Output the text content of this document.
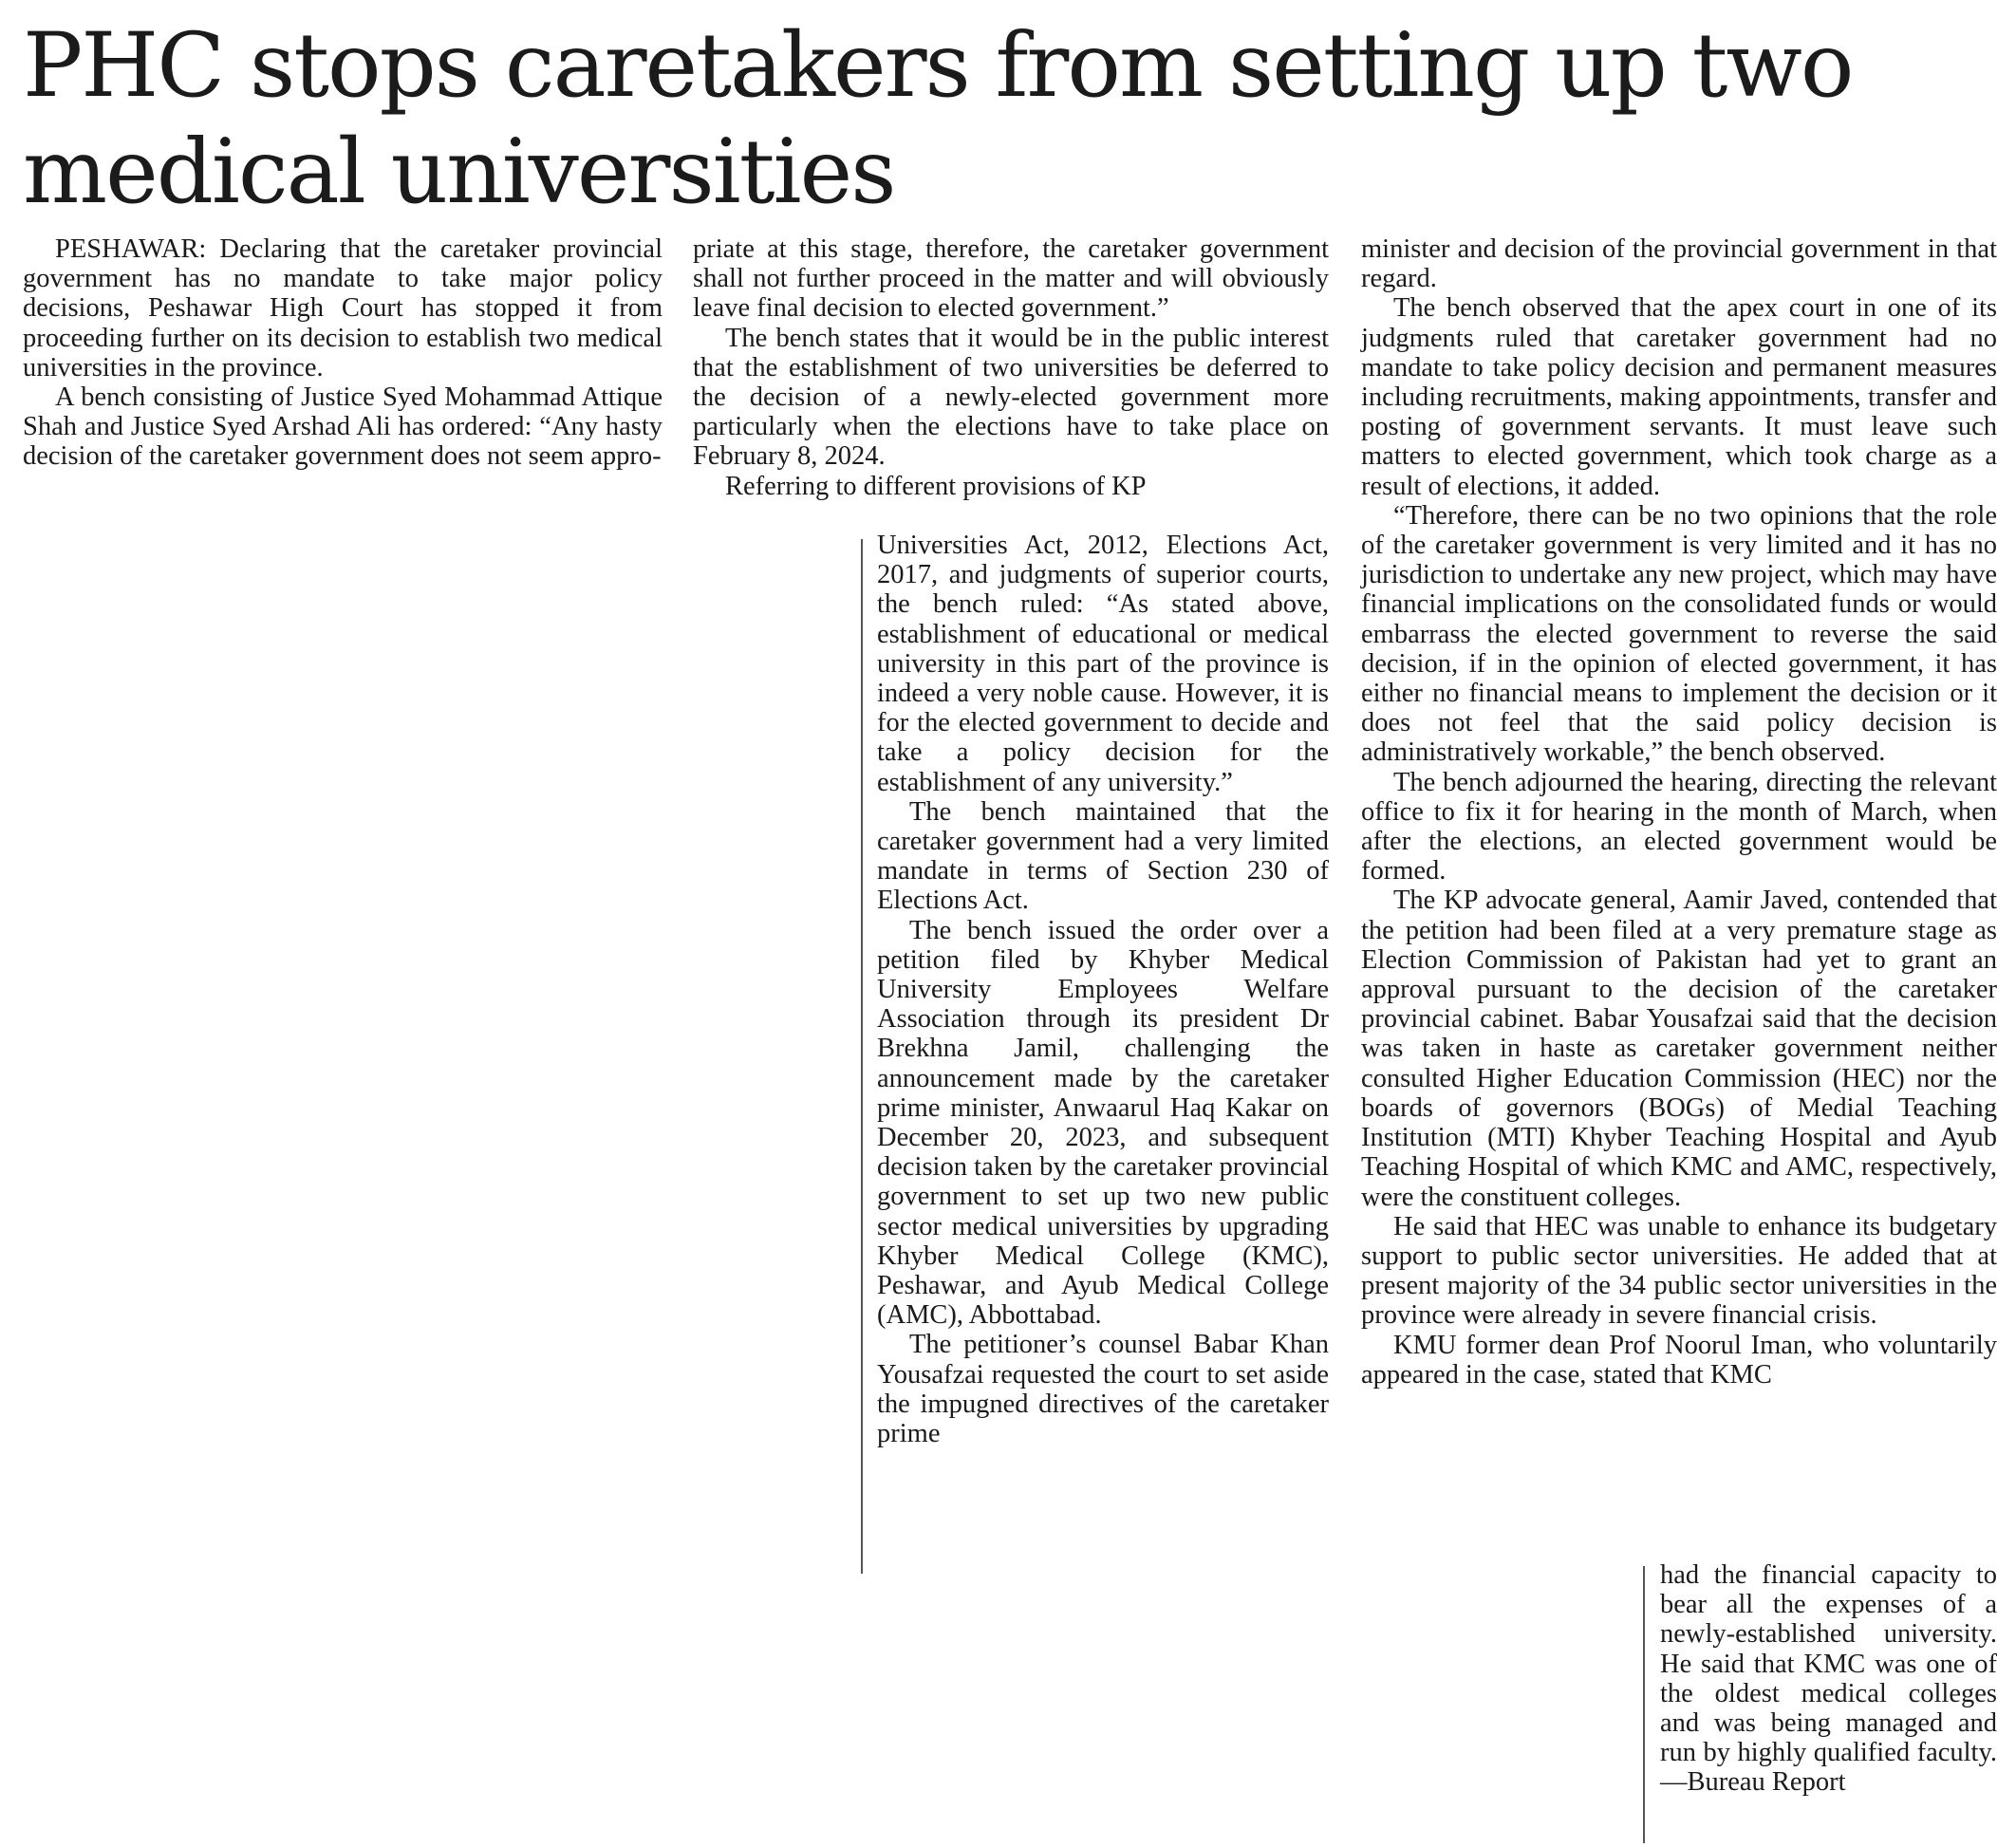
PHC stops caretakers from setting up two medical universities

PESHAWAR: Declaring that the caretaker provincial government has no mandate to take major policy decisions, Peshawar High Court has stopped it from proceeding further on its decision to establish two medical universities in the province.

A bench consisting of Justice Syed Mohammad Attique Shah and Justice Syed Arshad Ali has ordered: “Any hasty decision of the caretaker government does not seem appro-

priate at this stage, therefore, the caretaker government shall not further proceed in the matter and will obviously leave final decision to elected government.”

The bench states that it would be in the public interest that the establishment of two universities be deferred to the decision of a newly-elected government more particularly when the elections have to take place on February 8, 2024.

Referring to different provisions of KP

Universities Act, 2012, Elections Act, 2017, and judgments of superior courts, the bench ruled: “As stated above, establishment of educational or medical university in this part of the province is indeed a very noble cause. However, it is for the elected government to decide and take a policy decision for the establishment of any university.”

The bench maintained that the caretaker government had a very limited mandate in terms of Section 230 of Elections Act.

The bench issued the order over a petition filed by Khyber Medical University Employees Welfare Association through its president Dr Brekhna Jamil, challenging the announcement made by the caretaker prime minister, Anwaarul Haq Kakar on December 20, 2023, and subsequent decision taken by the caretaker provincial government to set up two new public sector medical universities by upgrading Khyber Medical College (KMC), Peshawar, and Ayub Medical College (AMC), Abbottabad.

The petitioner’s counsel Babar Khan Yousafzai requested the court to set aside the impugned directives of the caretaker prime

minister and decision of the provincial government in that regard.

The bench observed that the apex court in one of its judgments ruled that caretaker government had no mandate to take policy decision and permanent measures including recruitments, making appointments, transfer and posting of government servants. It must leave such matters to elected government, which took charge as a result of elections, it added.

“Therefore, there can be no two opinions that the role of the caretaker government is very limited and it has no jurisdiction to undertake any new project, which may have financial implications on the consolidated funds or would embarrass the elected government to reverse the said decision, if in the opinion of elected government, it has either no financial means to implement the decision or it does not feel that the said policy decision is administratively workable,” the bench observed.

The bench adjourned the hearing, directing the relevant office to fix it for hearing in the month of March, when after the elections, an elected government would be formed.

The KP advocate general, Aamir Javed, contended that the petition had been filed at a very premature stage as Election Commission of Pakistan had yet to grant an approval pursuant to the decision of the caretaker provincial cabinet. Babar Yousafzai said that the decision was taken in haste as caretaker government neither consulted Higher Education Commission (HEC) nor the boards of governors (BOGs) of Medial Teaching Institution (MTI) Khyber Teaching Hospital and Ayub Teaching Hospital of which KMC and AMC, respectively, were the constituent colleges.

He said that HEC was unable to enhance its budgetary support to public sector universities. He added that at present majority of the 34 public sector universities in the province were already in severe financial crisis.

KMU former dean Prof Noorul Iman, who voluntarily appeared in the case, stated that KMC

had the financial capacity to bear all the expenses of a newly-established university. He said that KMC was one of the oldest medical colleges and was being managed and run by highly qualified faculty.—Bureau Report
